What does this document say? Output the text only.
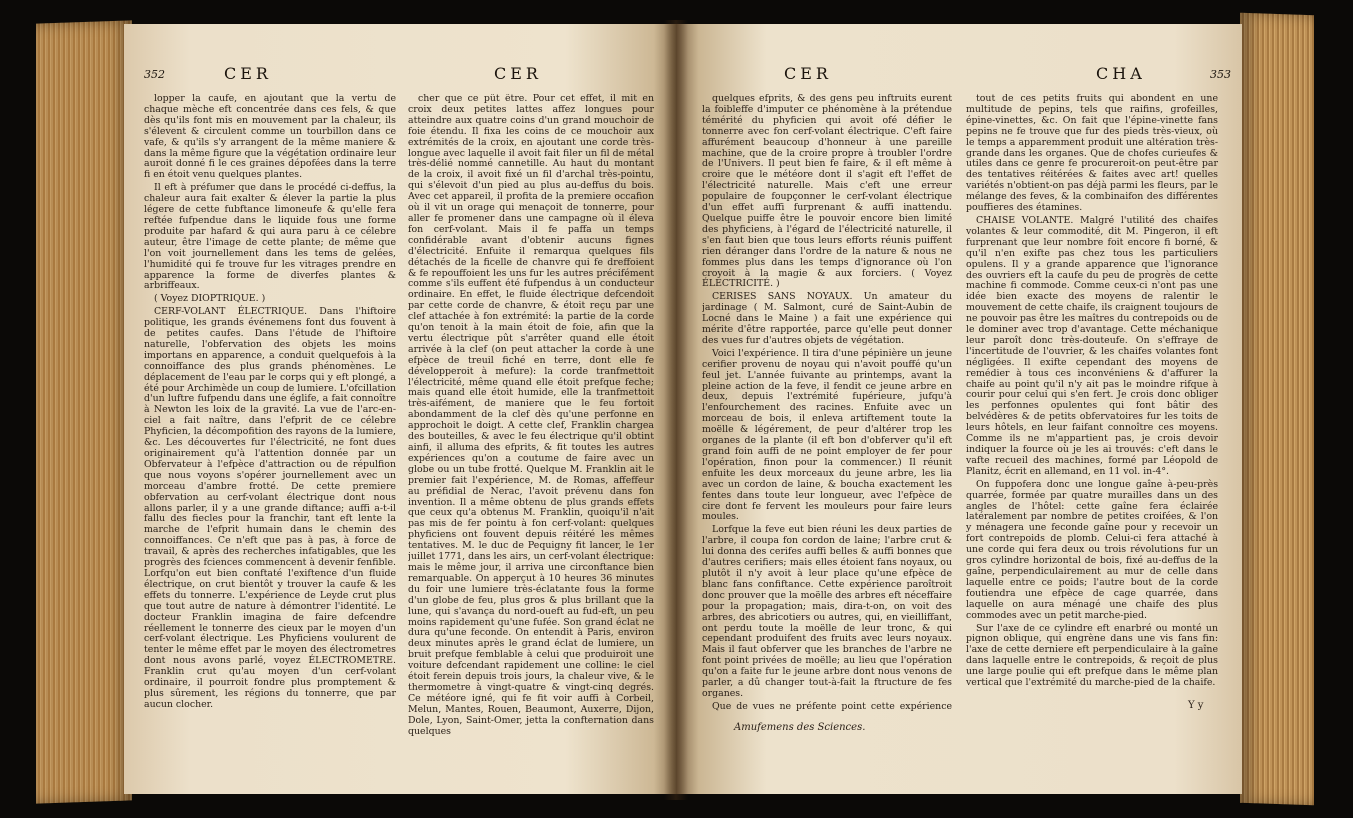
352	CER	CER

lopper la caufe, en ajoutant que la vertu de chaque mèche eft concentrée dans ces fels, & que dès qu'ils font mis en mouvement par la chaleur, ils s'élevent & circulent comme un tourbillon dans ce vafe, & qu'ils s'y arrangent de la même maniere & dans la même figure que la végétation ordinaire leur auroit donné fi le ces graines dépofées dans la terre fi en étoit venu quelques plantes.

Il eft à préfumer que dans le procédé ci-deffus, la chaleur aura fait exalter & élever la partie la plus légere de cette fubftance limoneufe & qu'elle fera reftée fufpendue dans le liquide fous une forme produite par hafard & qui aura paru à ce célebre auteur, être l'image de cette plante; de même que l'on voit journellement dans les tems de gelées, l'humidité qui fe trouve fur les vitrages prendre en apparence la forme de diverfes plantes & arbriffeaux.

( Voyez DIOPTRIQUE. )

CERF-VOLANT ÉLECTRIQUE. Dans l'hiftoire politique, les grands événemens font dus fouvent à de petites caufes. Dans l'étude de l'hiftoire naturelle, l'obfervation des objets les moins importans en apparence, a conduit quelquefois à la connoiffance des plus grands phénomènes. Le déplacement de l'eau par le corps qui y eft plongé, a été pour Archimède un coup de lumiere. L'ofcillation d'un luftre fufpendu dans une églife, a fait connoître à Newton les loix de la gravité. La vue de l'arc-en-ciel a fait naître, dans l'efprit de ce célebre Phyficien, la décompofition des rayons de la lumiere, &c. Les découvertes fur l'électricité, ne font dues originairement qu'à l'attention donnée par un Obfervateur à l'efpèce d'attraction ou de répulfion que nous voyons s'opérer journellement avec un morceau d'ambre frotté. De cette premiere obfervation au cerf-volant électrique dont nous allons parler, il y a une grande diftance; auffi a-t-il fallu des fiecles pour la franchir, tant eft lente la marche de l'efprit humain dans le chemin des connoiffances. Ce n'eft que pas à pas, à force de travail, & après des recherches infatigables, que les progrès des fciences commencent à devenir fenfible. Lorfqu'on eut bien conftaté l'exiftence d'un fluide électrique, on crut bientôt y trouver la caufe & les effets du tonnerre. L'expérience de Leyde crut plus que tout autre de nature à démontrer l'identité. Le docteur Franklin imagina de faire defcendre réellement le tonnerre des cieux par le moyen d'un cerf-volant électrique. Les Phyficiens voulurent de tenter le même effet par le moyen des électrometres dont nous avons parlé, voyez ÉLECTROMETRE. Franklin crut qu'au moyen d'un cerf-volant ordinaire, il pourroit fondre plus promptement & plus sûrement, les régions du tonnerre, que par aucun clocher.

cher que ce pût être. Pour cet effet, il mit en croix deux petites lattes affez longues pour atteindre aux quatre coins d'un grand mouchoir de foie étendu. Il fixa les coins de ce mouchoir aux extrémités de la croix, en ajoutant une corde très-longue avec laquelle il avoit fait filer un fil de métal très-délié nommé cannetille. Au haut du montant de la croix, il avoit fixé un fil d'archal très-pointu, qui s'élevoit d'un pied au plus au-deffus du bois. Avec cet appareil, il profita de la premiere occafion où il vit un orage qui menaçoit de tonnerre, pour aller fe promener dans une campagne où il éleva fon cerf-volant. Mais il fe paffa un temps confidérable avant d'obtenir aucuns fignes d'électricité. Enfuite il remarqua quelques fils détachés de la ficelle de chanvre qui fe dreffoient & fe repouffoient les uns fur les autres précifément comme s'ils euffent été fufpendus à un conducteur ordinaire. En effet, le fluide électrique defcendoit par cette corde de chanvre, & étoit reçu par une clef attachée à fon extrémité: la partie de la corde qu'on tenoit à la main étoit de foie, afin que la vertu électrique pût s'arrêter quand elle étoit arrivée à la clef (on peut attacher la corde à une efpèce de treuil fiché en terre, dont elle fe développeroit à mefure): la corde tranfmettoit l'électricité, même quand elle étoit prefque feche; mais quand elle étoit humide, elle la tranfmettoit très-aifément, de maniere que le feu fortoit abondamment de la clef dès qu'une perfonne en approchoit le doigt. A cette clef, Franklin chargea des bouteilles, & avec le feu électrique qu'il obtint ainfi, il alluma des efprits, & fit toutes les autres expériences qu'on a coutume de faire avec un globe ou un tube frotté. Quelque M. Franklin ait le premier fait l'expérience, M. de Romas, affeffeur au préfidial de Nerac, l'avoit prévenu dans fon invention. Il a même obtenu de plus grands effets que ceux qu'a obtenus M. Franklin, quoiqu'il n'ait pas mis de fer pointu à fon cerf-volant: quelques phyficiens ont fouvent depuis réitéré les mêmes tentatives. M. le duc de Pequigny fit lancer, le 1er juillet 1771, dans les airs, un cerf-volant électrique: mais le même jour, il arriva une circonftance bien remarquable. On apperçut à 10 heures 36 minutes du foir une lumiere très-éclatante fous la forme d'un globe de feu, plus gros & plus brillant que la lune, qui s'avança du nord-oueft au fud-eft, un peu moins rapidement qu'une fufée. Son grand éclat ne dura qu'une feconde. On entendit à Paris, environ deux minutes après le grand éclat de lumiere, un bruit prefque femblable à celui que produiroit une voiture defcendant rapidement une colline: le ciel étoit ferein depuis trois jours, la chaleur vive, & le thermometre à vingt-quatre & vingt-cinq degrés. Ce météore igné, qui fe fit voir auffi à Corbeil, Melun, Mantes, Rouen, Beaumont, Auxerre, Dijon, Dole, Lyon, Saint-Omer, jetta la confternation dans quelques

CER	CHA	353

quelques efprits, & des gens peu inftruits eurent la foibleffe d'imputer ce phénomène à la prétendue témérité du phyficien qui avoit ofé défier le tonnerre avec fon cerf-volant électrique. C'eft faire affurément beaucoup d'honneur à une pareille machine, que de la croire propre à troubler l'ordre de l'Univers. Il peut bien fe faire, & il eft même à croire que le météore dont il s'agit eft l'effet de l'électricité naturelle. Mais c'eft une erreur populaire de foupçonner le cerf-volant électrique d'un effet auffi furprenant & auffi inattendu. Quelque puiffe être le pouvoir encore bien limité des phyficiens, à l'égard de l'électricité naturelle, il s'en faut bien que tous leurs efforts réunis puiffent rien déranger dans l'ordre de la nature & nous ne fommes plus dans les temps d'ignorance où l'on croyoit à la magie & aux forciers. ( Voyez ÉLECTRICITÉ. )

CERISES SANS NOYAUX. Un amateur du jardinage ( M. Salmont, curé de Saint-Aubin de Locné dans le Maine ) a fait une expérience qui mérite d'être rapportée, parce qu'elle peut donner des vues fur d'autres objets de végétation.

Voici l'expérience. Il tira d'une pépinière un jeune cerifier provenu de noyau qui n'avoit pouffé qu'un feul jet. L'année fuivante au printemps, avant la pleine action de la feve, il fendit ce jeune arbre en deux, depuis l'extrémité fupérieure, jufqu'à l'enfourchement des racines. Enfuite avec un morceau de bois, il enleva artiftement toute la moëlle & légérement, de peur d'altérer trop les organes de la plante (il eft bon d'obferver qu'il eft grand foin auffi de ne point employer de fer pour l'opération, finon pour la commencer.) Il réunit enfuite les deux morceaux du jeune arbre, les lia avec un cordon de laine, & boucha exactement les fentes dans toute leur longueur, avec l'efpèce de cire dont fe fervent les mouleurs pour faire leurs moules.

Lorfque la feve eut bien réuni les deux parties de l'arbre, il coupa fon cordon de laine; l'arbre crut & lui donna des cerifes auffi belles & auffi bonnes que d'autres cerifiers; mais elles étoient fans noyaux, ou plutôt il n'y avoit à leur place qu'une efpèce de blanc fans confiftance. Cette expérience paroîtroit donc prouver que la moëlle des arbres eft néceffaire pour la propagation; mais, dira-t-on, on voit des arbres, des abricotiers ou autres, qui, en vieilliffant, ont perdu toute la moëlle de leur tronc, & qui cependant produifent des fruits avec leurs noyaux. Mais il faut obferver que les branches de l'arbre ne font point privées de moëlle; au lieu que l'opération qu'on a faite fur le jeune arbre dont nous venons de parler, a dû changer tout-à-fait la ftructure de fes organes.

Que de vues ne préfente point cette expérience

Amufemens des Sciences.

tout de ces petits fruits qui abondent en une multitude de pepins, tels que raifins, grofeilles, épine-vinettes, &c. On fait que l'épine-vinette fans pepins ne fe trouve que fur des pieds très-vieux, où le temps a apparemment produit une altération très-grande dans les organes. Que de chofes curieufes & utiles dans ce genre fe procureroit-on peut-être par des tentatives réitérées & faites avec art! quelles variétés n'obtient-on pas déjà parmi les fleurs, par le mélange des feves, & la combinaifon des différentes pouffieres des étamines.

CHAISE VOLANTE. Malgré l'utilité des chaifes volantes & leur commodité, dit M. Pingeron, il eft furprenant que leur nombre foit encore fi borné, & qu'il n'en exifte pas chez tous les particuliers opulens. Il y a grande apparence que l'ignorance des ouvriers eft la caufe du peu de progrès de cette machine fi commode. Comme ceux-ci n'ont pas une idée bien exacte des moyens de ralentir le mouvement de cette chaife, ils craignent toujours de ne pouvoir pas être les maîtres du contrepoids ou de le dominer avec trop d'avantage. Cette méchanique leur paroît donc très-douteufe. On s'effraye de l'incertitude de l'ouvrier, & les chaifes volantes font négligées. Il exifte cependant des moyens de remédier à tous ces inconvéniens & d'affurer la chaife au point qu'il n'y ait pas le moindre rifque à courir pour celui qui s'en fert. Je crois donc obliger les perfonnes opulentes qui font bâtir des belvédères & de petits obfervatoires fur les toits de leurs hôtels, en leur faifant connoître ces moyens. Comme ils ne m'appartient pas, je crois devoir indiquer la fource où je les ai trouvés: c'eft dans le vafte recueil des machines, formé par Léopold de Planitz, écrit en allemand, en 11 vol. in-4°.

On fuppofera donc une longue gaîne à-peu-près quarrée, formée par quatre murailles dans un des angles de l'hôtel: cette gaîne fera éclairée latéralement par nombre de petites croifées, & l'on y ménagera une feconde gaîne pour y recevoir un fort contrepoids de plomb. Celui-ci fera attaché à une corde qui fera deux ou trois révolutions fur un gros cylindre horizontal de bois, fixé au-deffus de la gaîne, perpendiculairement au mur de celle dans laquelle entre ce poids; l'autre bout de la corde foutiendra une efpèce de cage quarrée, dans laquelle on aura ménagé une chaife des plus commodes avec un petit marche-pied.

Sur l'axe de ce cylindre eft enarbré ou monté un pignon oblique, qui engrène dans une vis fans fin: l'axe de cette derniere eft perpendiculaire à la gaîne dans laquelle entre le contrepoids, & reçoit de plus une large poulie qui eft prefque dans le même plan vertical que l'extrémité du marche-pied de la chaife.

Y y
